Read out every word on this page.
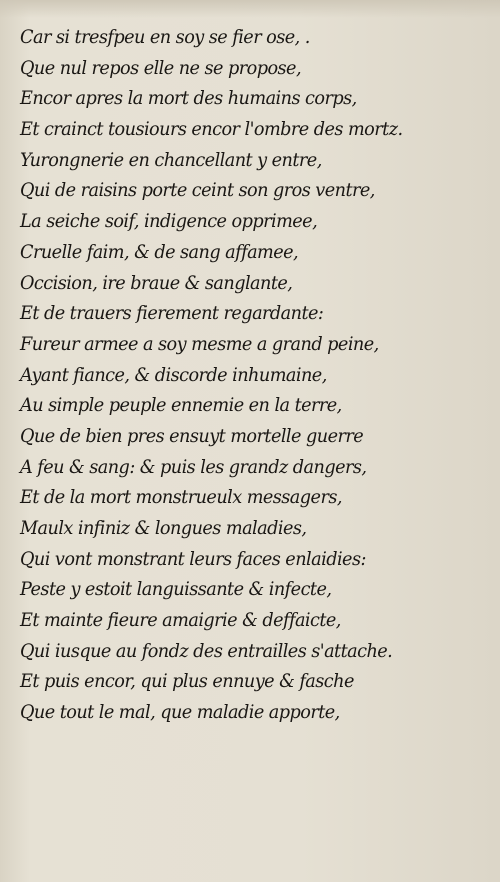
Car si tresfpeu en soy se fier ose, .
Que nul repos elle ne se propose,
Encor apres la mort des humains corps,
Et crainct tousiours encor l'ombre des mortz.
Yurongnerie en chancellant y entre,
Qui de raisins porte ceint son gros ventre,
La seiche soif, indigence opprimee,
Cruelle faim, & de sang affamee,
Occision, ire braue & sanglante,
Et de trauers fierement regardante:
Fureur armee a soy mesme a grand peine,
Ayant fiance, & discorde inhumaine,
Au simple peuple ennemie en la terre,
Que de bien pres ensuyt mortelle guerre
A feu & sang: & puis les grandz dangers,
Et de la mort monstrueulx messagers,
Maulx infiniz & longues maladies,
Qui vont monstrant leurs faces enlaidies:
Peste y estoit languissante & infecte,
Et mainte fieure amaigrie & deffaicte,
Qui iusque au fondz des entrailles s'attache.
Et puis encor, qui plus ennuye & fasche
Que tout le mal, que maladie apporte,
